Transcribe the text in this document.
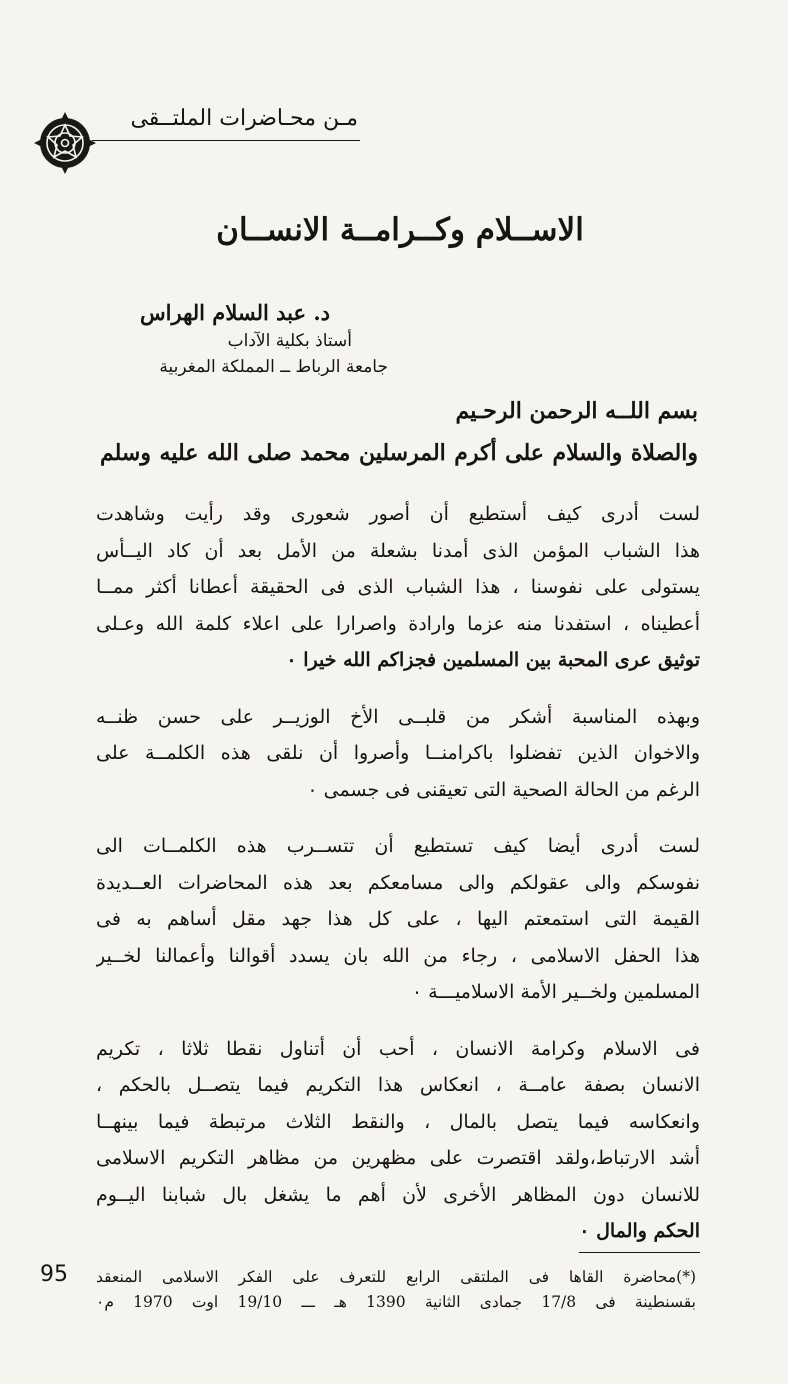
مـن محـاضرات الملتــقى
الاســلام وكــرامــة الانســان
د. عبد السلام الهراس
أستاذ بكلية الآداب
جامعة الرباط ــ المملكة المغربية
بسم اللــه الرحمن الرحـيم
والصلاة والسلام على أكرم المرسلين محمد صلى الله عليه وسلم
لست أدرى كيف أستطيع أن أصور شعورى وقد رأيت وشاهدت
هذا الشباب المؤمن الذى أمدنا بشعلة من الأمل بعد أن كاد اليــأس
يستولى على نفوسنا ، هذا الشباب الذى فى الحقيقة أعطانا أكثر ممــا
أعطيناه ، استفدنا منه عزما وارادة واصرارا على اعلاء كلمة الله وعـلى
توثيق عرى المحبة بين المسلمين فجزاكم الله خيرا ٠
وبهذه المناسبة أشكر من قلبــى الأخ الوزيــر على حسن ظنــه
والاخوان الذين تفضلوا باكرامنــا وأصروا أن نلقى هذه الكلمــة على
الرغم من الحالة الصحية التى تعيقنى فى جسمى ٠
لست أدرى أيضا كيف تستطيع أن تتســرب هذه الكلمــات الى
نفوسكم والى عقولكم والى مسامعكم بعد هذه المحاضرات العــديدة
القيمة التى استمعتم اليها ، على كل هذا جهد مقل أساهم به فى
هذا الحفل الاسلامى ، رجاء من الله بان يسدد أقوالنا وأعمالنا لخــير
المسلمين ولخــير الأمة الاسلاميـــة ٠
فى الاسلام وكرامة الانسان ، أحب أن أتناول نقطا ثلاثا ، تكريم
الانسان بصفة عامــة ، انعكاس هذا التكريم فيما يتصــل بالحكم ،
وانعكاسه فيما يتصل بالمال ، والنقط الثلاث مرتبطة فيما بينهــا
أشد الارتباط،ولقد اقتصرت على مظهرين من مظاهر التكريم الاسلامى
للانسان دون المظاهر الأخرى لأن أهم ما يشغل بال شبابنا اليــوم
الحكم والمال ٠
95 (*)محاضرة القاها فى الملتقى الرابع للتعرف على الفكر الاسلامى المنعقد
بقسنطينة فى 17/8 جمادى الثانية 1390 هـ ـــ 19/10 اوت 1970 م٠
